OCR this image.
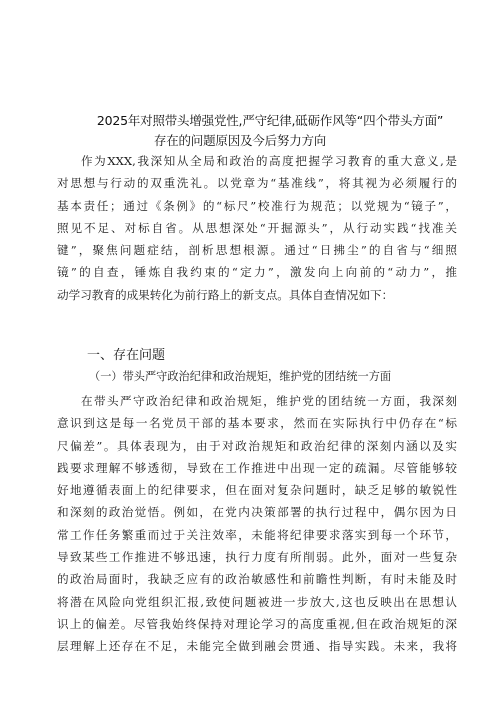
2025年对照带头增强党性,严守纪律,砥砺作风等“四个带头方面”
存在的问题原因及今后努力方向
作为XXX,我深知从全局和政治的高度把握学习教育的重大意义,是
对思想与行动的双重洗礼。以党章为“基准线”，将其视为必须履行的
基本责任；通过《条例》的“标尺”校准行为规范；以党规为“镜子”，
照见不足、对标自省。从思想深处“开掘源头”，从行动实践“找准关
键”，聚焦问题症结，剖析思想根源。通过“日拂尘”的自省与“细照
镜”的自查，锤炼自我约束的“定力”，激发向上向前的“动力”，推
动学习教育的成果转化为前行路上的新支点。具体自查情况如下：
一、存在问题
（一）带头严守政治纪律和政治规矩，维护党的团结统一方面
在带头严守政治纪律和政治规矩，维护党的团结统一方面，我深刻
意识到这是每一名党员干部的基本要求，然而在实际执行中仍存在“标
尺偏差”。具体表现为，由于对政治规矩和政治纪律的深刻内涵以及实
践要求理解不够透彻，导致在工作推进中出现一定的疏漏。尽管能够较
好地遵循表面上的纪律要求，但在面对复杂问题时，缺乏足够的敏锐性
和深刻的政治觉悟。例如，在党内决策部署的执行过程中，偶尔因为日
常工作任务繁重而过于关注效率，未能将纪律要求落实到每一个环节，
导致某些工作推进不够迅速，执行力度有所削弱。此外，面对一些复杂
的政治局面时，我缺乏应有的政治敏感性和前瞻性判断，有时未能及时
将潜在风险向党组织汇报,致使问题被进一步放大,这也反映出在思想认
识上的偏差。尽管我始终保持对理论学习的高度重视,但在政治规矩的深
层理解上还存在不足，未能完全做到融会贯通、指导实践。未来，我将
